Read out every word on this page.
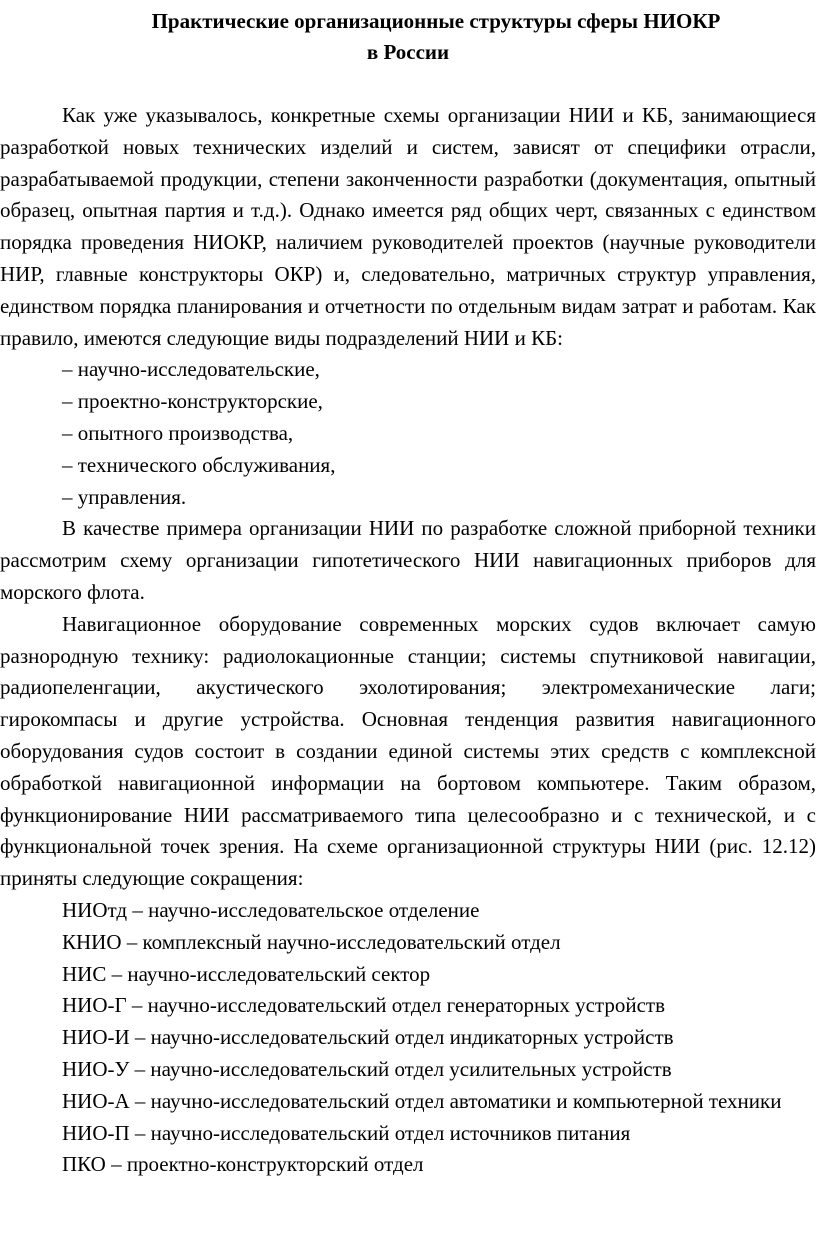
Практические организационные структуры сферы НИОКР
в России

Как уже указывалось, конкретные схемы организации НИИ и КБ, занимающиеся разработкой новых технических изделий и систем, зависят от специфики отрасли, разрабатываемой продукции, степени законченности разработки (документация, опытный образец, опытная партия и т.д.). Однако имеется ряд общих черт, связанных с единством порядка проведения НИОКР, наличием руководителей проектов (научные руководители НИР, главные конструкторы ОКР) и, следовательно, матричных структур управления, единством порядка планирования и отчетности по отдельным видам затрат и работам. Как правило, имеются следующие виды подразделений НИИ и КБ:

– научно-исследовательские,

– проектно-конструкторские,

– опытного производства,

– технического обслуживания,

– управления.

В качестве примера организации НИИ по разработке сложной приборной техники рассмотрим схему организации гипотетического НИИ навигационных приборов для морского флота.

Навигационное оборудование современных морских судов включает самую разнородную технику: радиолокационные станции; системы спутниковой навигации, радиопеленгации, акустического эхолотирования; электромеханические лаги; гирокомпасы и другие устройства. Основная тенденция развития навигационного оборудования судов состоит в создании единой системы этих средств с комплексной обработкой навигационной информации на бортовом компьютере. Таким образом, функционирование НИИ рассматриваемого типа целесообразно и с технической, и с функциональной точек зрения. На схеме организационной структуры НИИ (рис. 12.12) приняты следующие сокращения:

НИОтд – научно-исследовательское отделение

КНИО – комплексный научно-исследовательский отдел

НИС – научно-исследовательский сектор

НИО-Г – научно-исследовательский отдел генераторных устройств

НИО-И – научно-исследовательский отдел индикаторных устройств

НИО-У – научно-исследовательский отдел усилительных устройств

НИО-А – научно-исследовательский отдел автоматики и компьютерной техники

НИО-П – научно-исследовательский отдел источников питания

ПКО – проектно-конструкторский отдел
